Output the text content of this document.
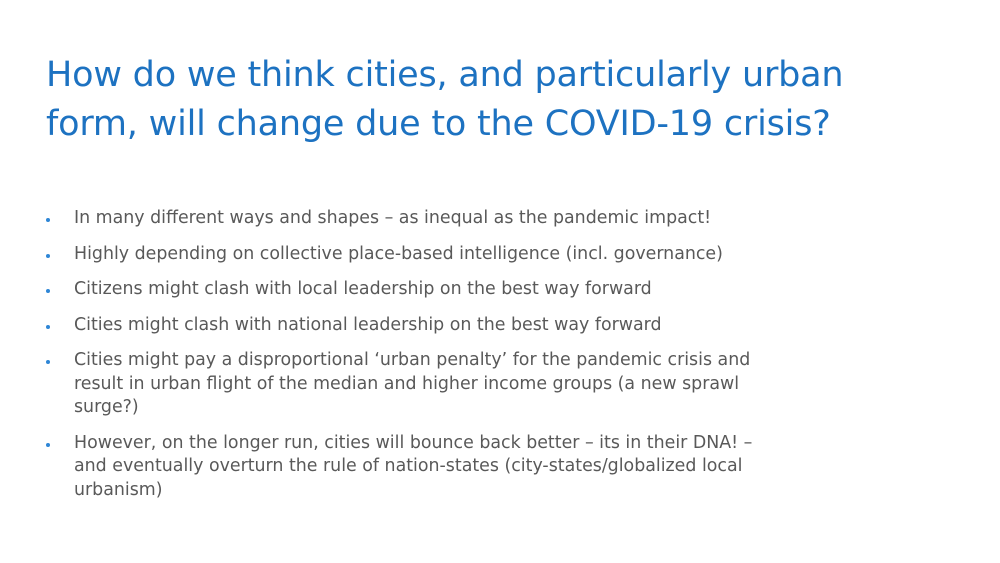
How do we think cities, and particularly urban
form, will change due to the COVID-19 crisis?
In many different ways and shapes – as inequal as the pandemic impact!
Highly depending on collective place-based intelligence (incl. governance)
Citizens might clash with local leadership on the best way forward
Cities might clash with national leadership on the best way forward
Cities might pay a disproportional ‘urban penalty’ for the pandemic crisis and
result in urban flight of the median and higher income groups (a new sprawl
surge?)
However, on the longer run, cities will bounce back better – its in their DNA! –
and eventually overturn the rule of nation-states (city-states/globalized local
urbanism)
